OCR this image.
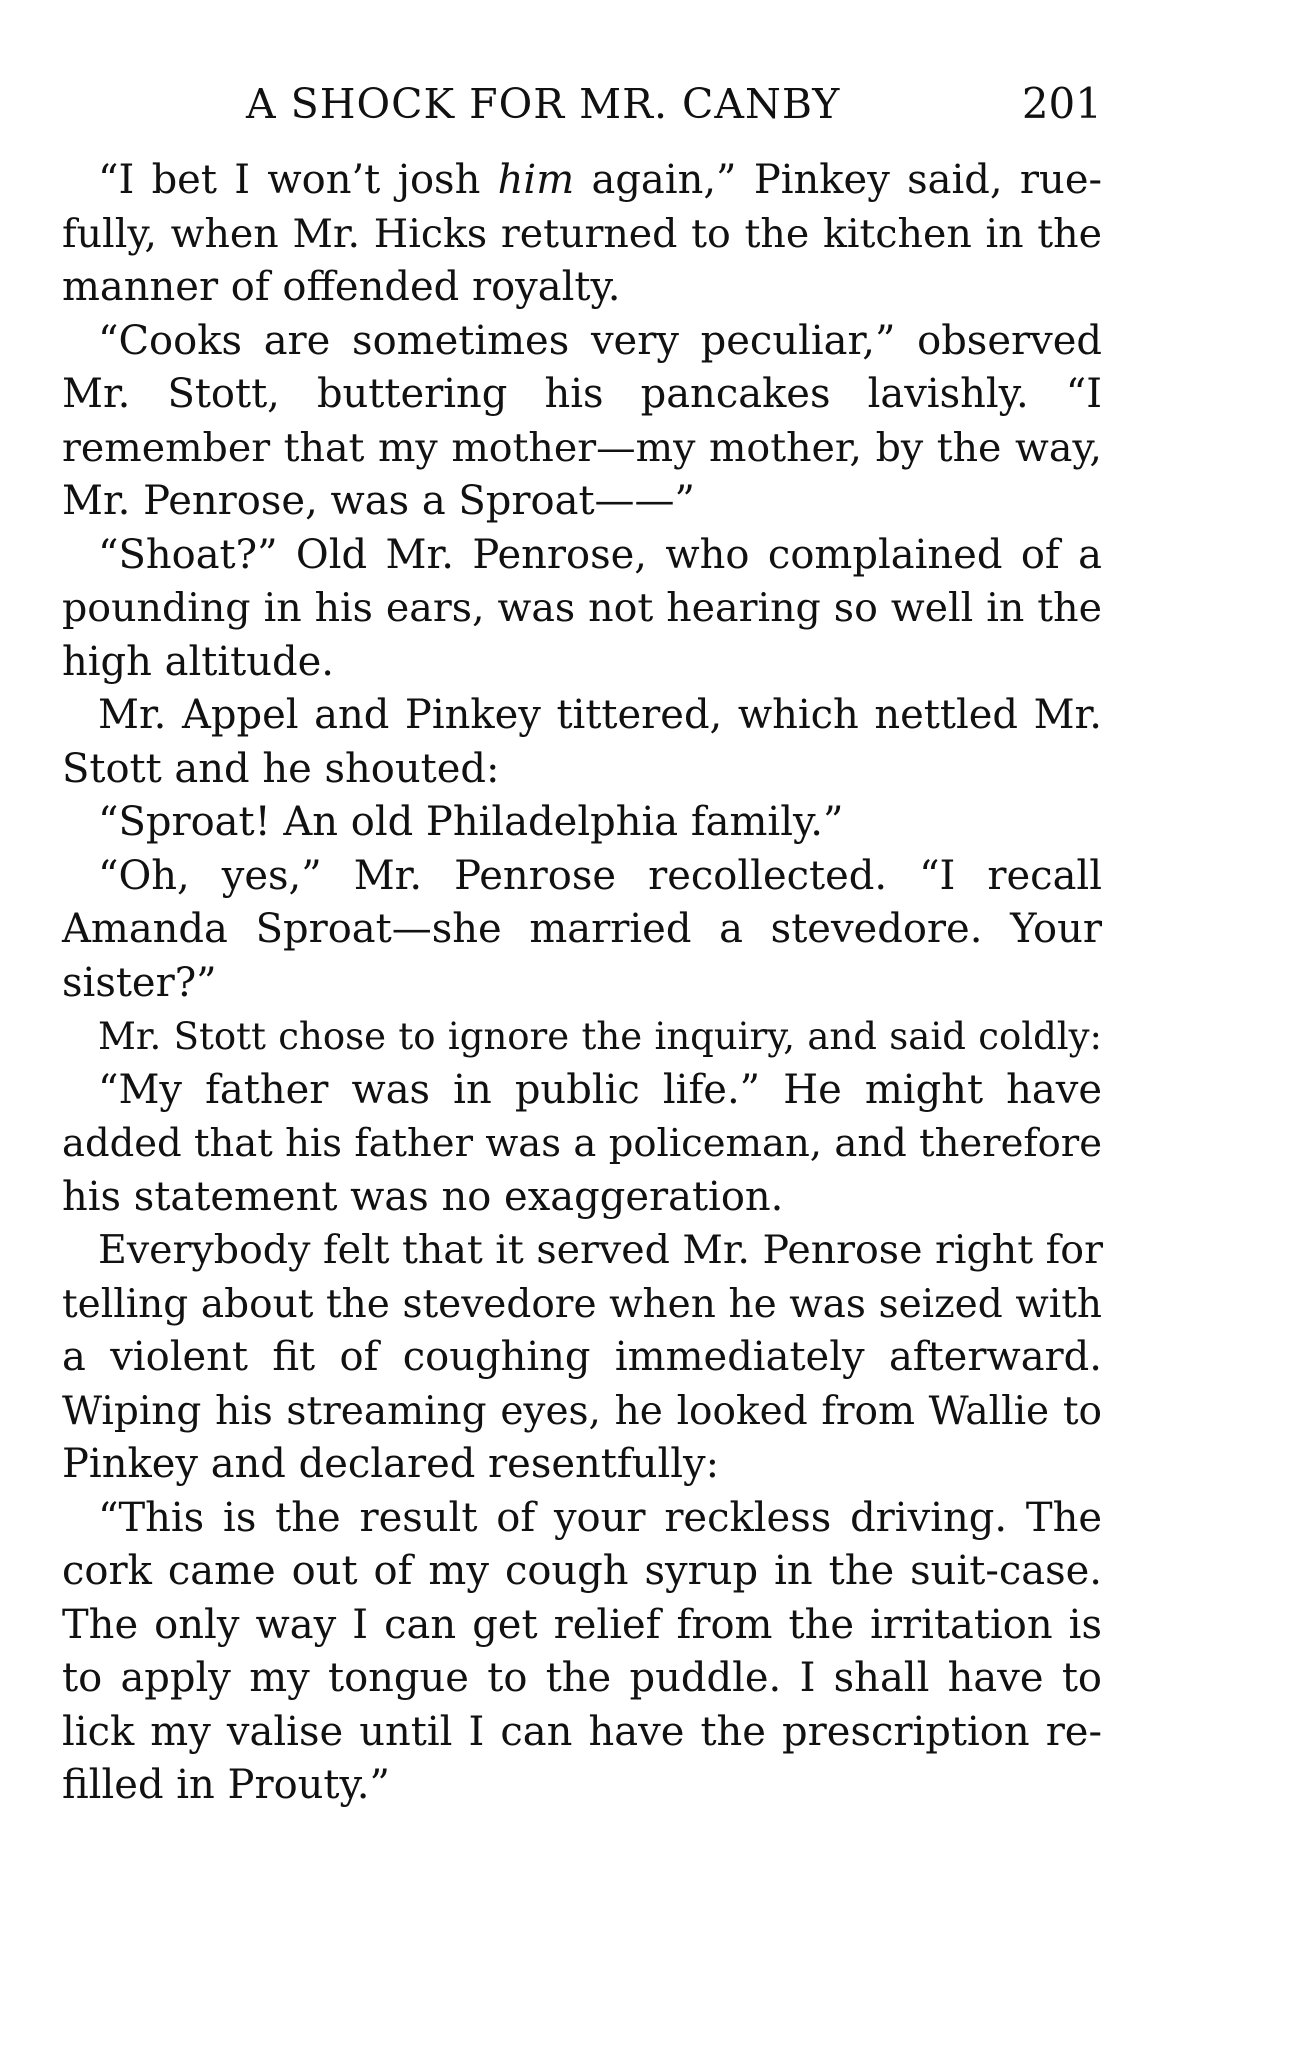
A SHOCK FOR MR. CANBY	201
“I bet I won’t josh him again,” Pinkey said, rue-
fully, when Mr. Hicks returned to the kitchen in the
manner of offended royalty.
“Cooks are sometimes very peculiar,” observed
Mr. Stott, buttering his pancakes lavishly. “I
remember that my mother—my mother, by the way,
Mr. Penrose, was a Sproat——”
“Shoat?” Old Mr. Penrose, who complained of a
pounding in his ears, was not hearing so well in the
high altitude.
Mr. Appel and Pinkey tittered, which nettled Mr.
Stott and he shouted:
“Sproat! An old Philadelphia family.”
“Oh, yes,” Mr. Penrose recollected. “I recall
Amanda Sproat—she married a stevedore. Your
sister?”
Mr. Stott chose to ignore the inquiry, and said coldly:
“My father was in public life.” He might have
added that his father was a policeman, and therefore
his statement was no exaggeration.
Everybody felt that it served Mr. Penrose right for
telling about the stevedore when he was seized with
a violent fit of coughing immediately afterward.
Wiping his streaming eyes, he looked from Wallie to
Pinkey and declared resentfully:
“This is the result of your reckless driving. The
cork came out of my cough syrup in the suit-case.
The only way I can get relief from the irritation is
to apply my tongue to the puddle. I shall have to
lick my valise until I can have the prescription re-
filled in Prouty.”
